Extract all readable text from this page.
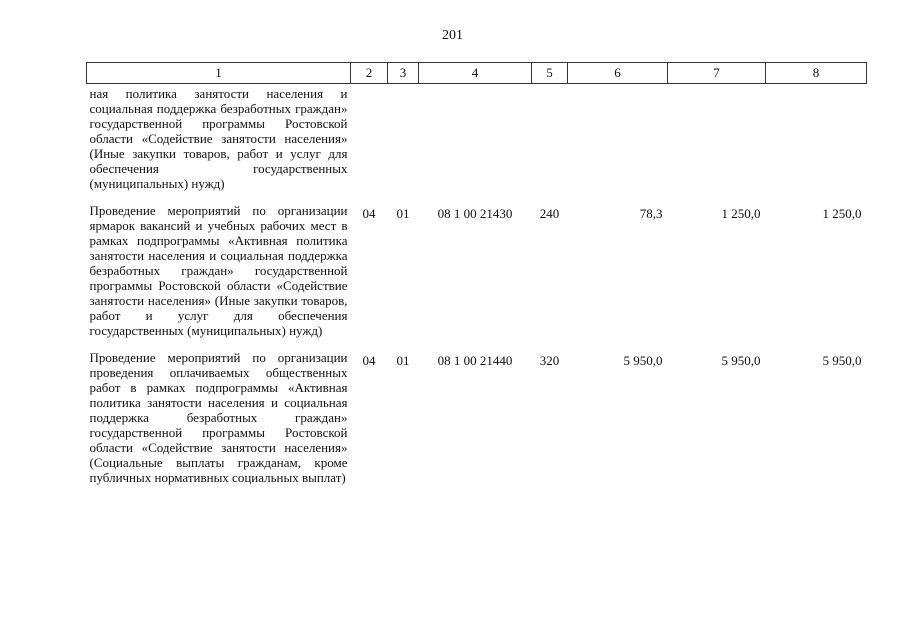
201
1	2	3	4	5	6	7	8
ная политика занятости населения и социальная поддержка безработных граждан» государственной программы Ростовской области «Содействие занятости населения» (Иные закупки товаров, работ и услуг для обеспечения государственных (муниципальных) нужд)							
Проведение мероприятий по организации ярмарок вакансий и учебных рабочих мест в рамках подпрограммы «Активная политика занятости населения и социальная поддержка безработных граждан» государственной программы Ростовской области «Содействие занятости населения» (Иные закупки товаров, работ и услуг для обеспечения государственных (муниципальных) нужд)	04	01	08 1 00 21430	240	78,3	1 250,0	1 250,0
Проведение мероприятий по организации проведения оплачиваемых общественных работ в рамках подпрограммы «Активная политика занятости населения и социальная поддержка безработных граждан» государственной программы Ростовской области «Содействие занятости населения» (Социальные выплаты гражданам, кроме публичных нормативных социальных выплат)	04	01	08 1 00 21440	320	5 950,0	5 950,0	5 950,0
